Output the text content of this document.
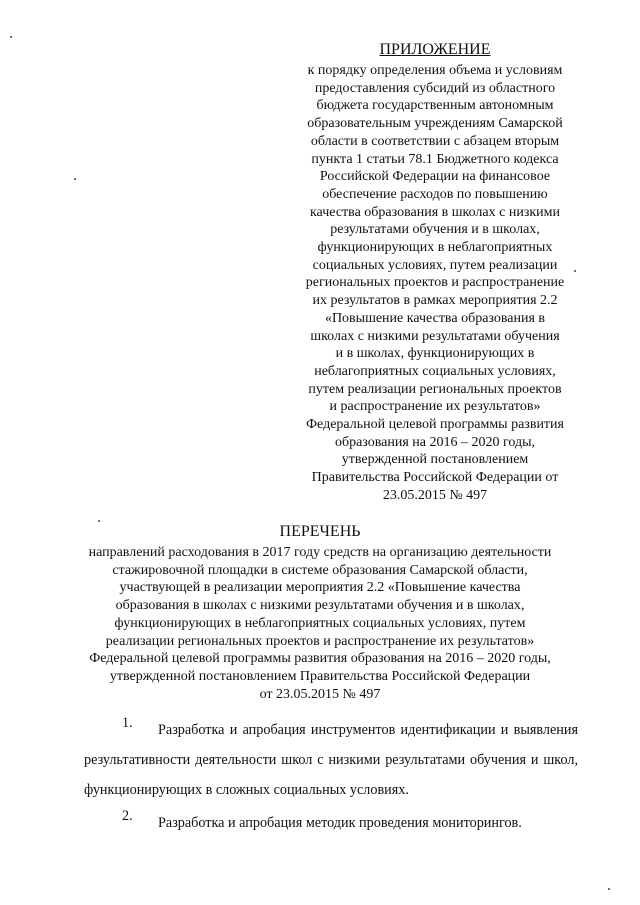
ПРИЛОЖЕНИЕ
к порядку определения объема и условиям
предоставления субсидий из областного
бюджета государственным автономным
образовательным учреждениям Самарской
области в соответствии с абзацем вторым
пункта 1 статьи 78.1 Бюджетного кодекса
Российской Федерации на финансовое
обеспечение расходов по повышению
качества образования в школах с низкими
результатами обучения и в школах,
функционирующих в неблагоприятных
социальных условиях, путем реализации
региональных проектов и распространение
их результатов в рамках мероприятия 2.2
«Повышение качества образования в
школах с низкими результатами обучения
и в школах, функционирующих в
неблагоприятных социальных условиях,
путем реализации региональных проектов
и распространение их результатов»
Федеральной целевой программы развития
образования на 2016 – 2020 годы,
утвержденной постановлением
Правительства Российской Федерации от
23.05.2015 № 497
ПЕРЕЧЕНЬ
направлений расходования в 2017 году средств на организацию деятельности
стажировочной площадки в системе образования Самарской области,
участвующей в реализации мероприятия 2.2 «Повышение качества
образования в школах с низкими результатами обучения и в школах,
функционирующих в неблагоприятных социальных условиях, путем
реализации региональных проектов и распространение их результатов»
Федеральной целевой программы развития образования на 2016 – 2020 годы,
утвержденной постановлением Правительства Российской Федерации
от 23.05.2015 № 497
1.	Разработка и апробация инструментов идентификации и выявления результативности деятельности школ с низкими результатами обучения и школ, функционирующих в сложных социальных условиях.
2.	Разработка и апробация методик проведения мониторингов.
